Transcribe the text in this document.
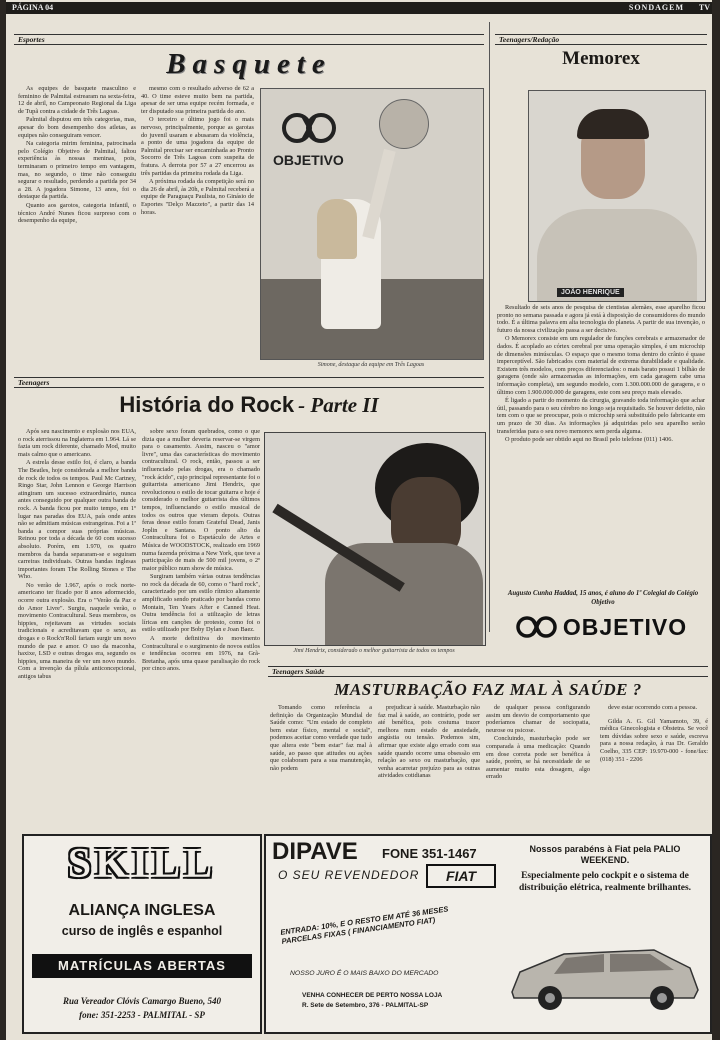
PÁGINA 04	SONDAGEM TV
Esportes
Basquete

As equipes de basquete masculino e feminino de Palmital estrearam na sexta-feira, 12 de abril, no Campeonato Regional da Liga de Tupã contra a cidade de Três Lagoas.

Palmital disputou em três categorias, mas, apesar do bom desempenho dos atletas, as equipes não conseguiram vencer.

Na categoria mirim feminina, patrocinada pelo Colégio Objetivo de Palmital, faltou experiência às nossas meninas, pois, terminaram o primeiro tempo em vantagem, mas, no segundo, o time não conseguiu segurar o resultado, perdendo a partida por 34 a 28. A jogadora Simone, 13 anos, foi o destaque da partida.

Quanto aos garotos, categoria infantil, o técnico André Nunes ficou surpreso com o desempenho da equipe,

mesmo com o resultado adverso de 62 a 40. O time esteve muito bem na partida, apesar de ser uma equipe recém formada, e ter disputado sua primeira partida do ano.

O terceiro e último jogo foi o mais nervoso, principalmente, porque as garotas do juvenil usaram e abusaram da violência, a ponto de uma jogadora da equipe de Palmital precisar ser encaminhada ao Pronto Socorro de Três Lagoas com suspeita de fratura. A derrota por 57 a 27 encerrou as três partidas da primeira rodada da Liga.

A próxima rodada da competição será no dia 26 de abril, às 20h, e Palmital receberá a equipe de Paraguaçu Paulista, no Ginásio de Esportes "Delço Mazzeto", a partir das 14 horas.

OBJETIVO
Simone, destaque da equipe em Três Lagoas
Teenagers/Redação
Memorex
JOÃO HENRIQUE

Resultado de seis anos de pesquisa de cientistas alemães, esse aparelho ficou pronto no semana passada e agora já está à disposição de consumidores do mundo todo. É a última palavra em alta tecnologia do planeta. A partir de sua invenção, o futuro da nossa civilização passa a ser decisivo.

O Memorex consiste em um regulador de funções cerebrais e armazenador de dados. É acoplado ao córtex cerebral por uma operação simples, é um microchip de dimensões minúsculas. O espaço que o mesmo toma dentro do crânio é quase imperceptível. São fabricados com material de extrema durabilidade e qualidade. Existem três modelos, com preços diferenciados: o mais barato possui 1 bilhão de garagens (onde são armazenadas as informações, em cada garagem cabe uma informação completa), um segundo modelo, com 1.300.000.000 de garagens, e o último com 1.900.000.000 de garagens, este com seu preço mais elevado.

É ligado a partir do momento da cirurgia, gravando toda informação que achar útil, passando para o seu cérebro no longo seja requisitado. Se houver defeito, não tem com o que se preocupar, pois o microchip será substituído pelo fabricante em um prazo de 30 dias. As informações já adquiridas pelo seu aparelho serão transferidas para o seu novo memorex sem perda alguma.

O produto pode ser obtido aqui no Brasil pelo telefone (011) 1406.

Augusto Cunha Haddad, 15 anos, é aluno do 1º Colegial do Colégio Objetivo
OBJETIVO
Teenagers
História do Rock - Parte II

Após seu nascimento e explosão nos EUA, o rock aterrissou na Inglaterra em 1.964. Lá se fazia um rock diferente, chamado Mod, muito mais calmo que o americano.

A estrela desse estilo foi, é claro, a banda The Beatles, hoje considerada a melhor banda de rock de todos os tempos. Paul Mc Cartney, Ringo Star, John Lennon e George Harrison atingiram um sucesso extraordinário, nunca antes conseguido por qualquer outra banda de rock. A banda ficou por muito tempo, em 1º lugar nas paradas dos EUA, país onde antes não se admitiam músicas estrangeiras. Foi a 1ª banda a compor suas próprias músicas. Reinou por toda a década de 60 com sucesso absoluto. Porém, em 1.970, os quatro membros da banda separaram-se e seguiram carreiras individuais. Outras bandas inglesas importantes foram The Rolling Stones e The Who.

No verão de 1.967, após o rock norte-americano ter ficado por 8 anos adormecido, ocorre outra explosão. Era o "Verão da Paz e do Amor Livre". Surgiu, naquele verão, o movimento Contracultural. Seus membros, os hippies, rejeitavam as virtudes sociais tradicionais e acreditavam que o sexo, as drogas e o Rock'n'Roll fariam surgir um novo mundo de paz e amor. O uso da maconha, haxixe, LSD e outras drogas era, segundo os hippies, uma maneira de ver um novo mundo. Com a invenção da pílula anticoncepcional, antigos tabus

sobre sexo foram quebrados, como o que dizia que a mulher deveria reservar-se virgem para o casamento. Assim, nasceu o "amor livre", uma das características do movimento contracultural. O rock, então, passou a ser influenciado pelas drogas, era o chamado "rock ácido", cujo principal representante foi o guitarrista americano Jimi Hendrix, que revolucionou o estilo de tocar guitarra e hoje é considerado o melhor guitarrista dos últimos tempos, influenciando o estilo musical de todos os outros que vieram depois. Outras feras desse estilo foram Grateful Dead, Janis Joplin e Santana. O ponto alto da Contracultura foi o Espetáculo de Artes e Música de WOODSTOCK, realizado em 1969 numa fazenda próxima a New York, que teve a participação de mais de 500 mil jovens, o 2º maior público num show de música.

Surgiram também várias outras tendências no rock da década de 60, como o "hard rock", caracterizado por um estilo rítmico altamente amplificado sendo praticado por bandas como Montain, Ten Years After e Canned Heat. Outra tendência foi a utilização de letras líricas em canções de protesto, como foi o estilo utilizado por Boby Dylan e Joan Baez.

A morte definitiva do movimento Contracultural e o surgimento de novos estilos e tendências ocorreu em 1976, na Grã-Bretanha, após uma quase paralisação do rock por cinco anos.

Jimi Hendrix, considerado o melhor guitarrista de todos os tempos
Teenagers Saúde
MASTURBAÇÃO FAZ MAL À SAÚDE ?

Tomando como referência a definição da Organização Mundial de Saúde como: "Um estado de completo bem estar físico, mental e social", podemos aceitar como verdade que tudo que altera este "bem estar" faz mal à saúde, ao passo que atitudes ou ações que colaboram para a sua manutenção, não podem

prejudicar à saúde. Masturbação não faz mal à saúde, ao contrário, pode ser até benéfica, pois costuma trazer melhora num estado de ansiedade, angústia ou tensão. Podemos sim, afirmar que existe algo errado com sua saúde quando ocorre uma obsessão em relação ao sexo ou masturbação, que venha acarretar prejuízo para as outras atividades cotidianas

de qualquer pessoa configurando assim um desvio de comportamento que poderíamos chamar de sociopatia, neurose ou psicose.

Concluindo, masturbação pode ser comparada à uma medicação: Quando em dose correta pode ser benéfica à saúde, porém, se há necessidade de se aumentar muito esta dosagem, algo errado

deve estar ocorrendo com a pessoa.

Gilda A. G. Gil Yamamoto, 39, é médica Ginecologista e Obstetra. Se você tem dúvidas sobre sexo e saúde, escreva para a nossa redação, à rua Dr. Geraldo Coelho, 335 CEP: 19.970-000 - fone/fax: (018) 351 - 2206

SKILL
ALIANÇA INGLESA
curso de inglês e espanhol
MATRÍCULAS ABERTAS
Rua Vereador Clóvis Camargo Bueno, 540
fone: 351-2253 - PALMITAL - SP
DIPAVE FONE 351-1467
O SEU REVENDEDOR	FIAT
ENTRADA: 10%, E O RESTO EM ATÉ 36 MESES PARCELAS FIXAS ( FINANCIAMENTO FIAT)
NOSSO JURO É O MAIS BAIXO DO MERCADO
VENHA CONHECER DE PERTO NOSSA LOJA
R. Sete de Setembro, 376 - PALMITAL-SP
Nossos parabéns à Fiat pela PALIO WEEKEND.
Especialmente pelo cockpit e o sistema de distribuição elétrica, realmente brilhantes.
